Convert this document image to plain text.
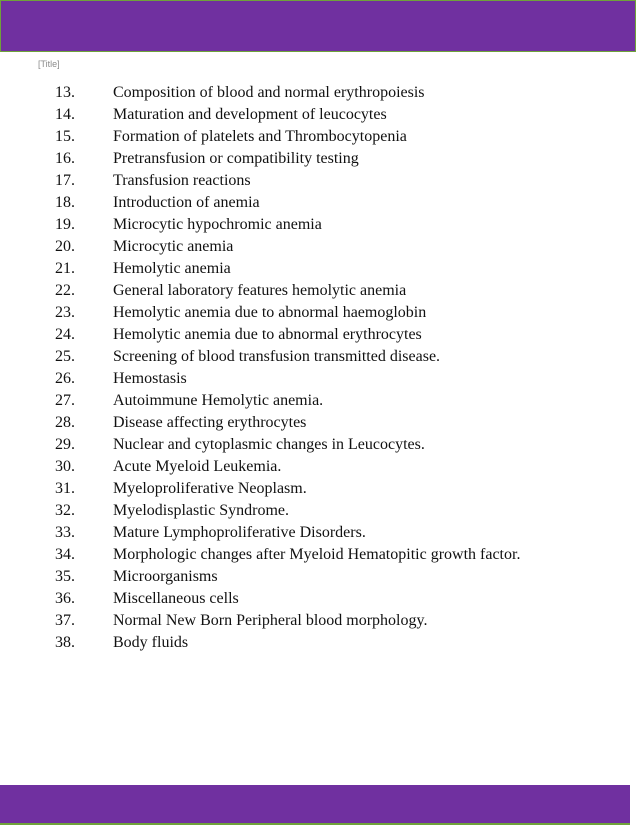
[Title]
13. Composition of blood and normal erythropoiesis
14. Maturation and development of leucocytes
15. Formation of platelets and Thrombocytopenia
16. Pretransfusion or compatibility testing
17. Transfusion reactions
18. Introduction of anemia
19. Microcytic hypochromic anemia
20. Microcytic anemia
21. Hemolytic anemia
22. General laboratory features hemolytic anemia
23. Hemolytic anemia due to abnormal haemoglobin
24. Hemolytic anemia due to abnormal erythrocytes
25. Screening of blood transfusion transmitted disease.
26. Hemostasis
27. Autoimmune Hemolytic anemia.
28. Disease affecting erythrocytes
29. Nuclear and cytoplasmic changes in Leucocytes.
30. Acute Myeloid Leukemia.
31. Myeloproliferative Neoplasm.
32. Myelodisplastic Syndrome.
33. Mature Lymphoproliferative Disorders.
34. Morphologic changes after Myeloid Hematopitic growth factor.
35. Microorganisms
36. Miscellaneous cells
37. Normal New Born Peripheral blood morphology.
38. Body fluids
